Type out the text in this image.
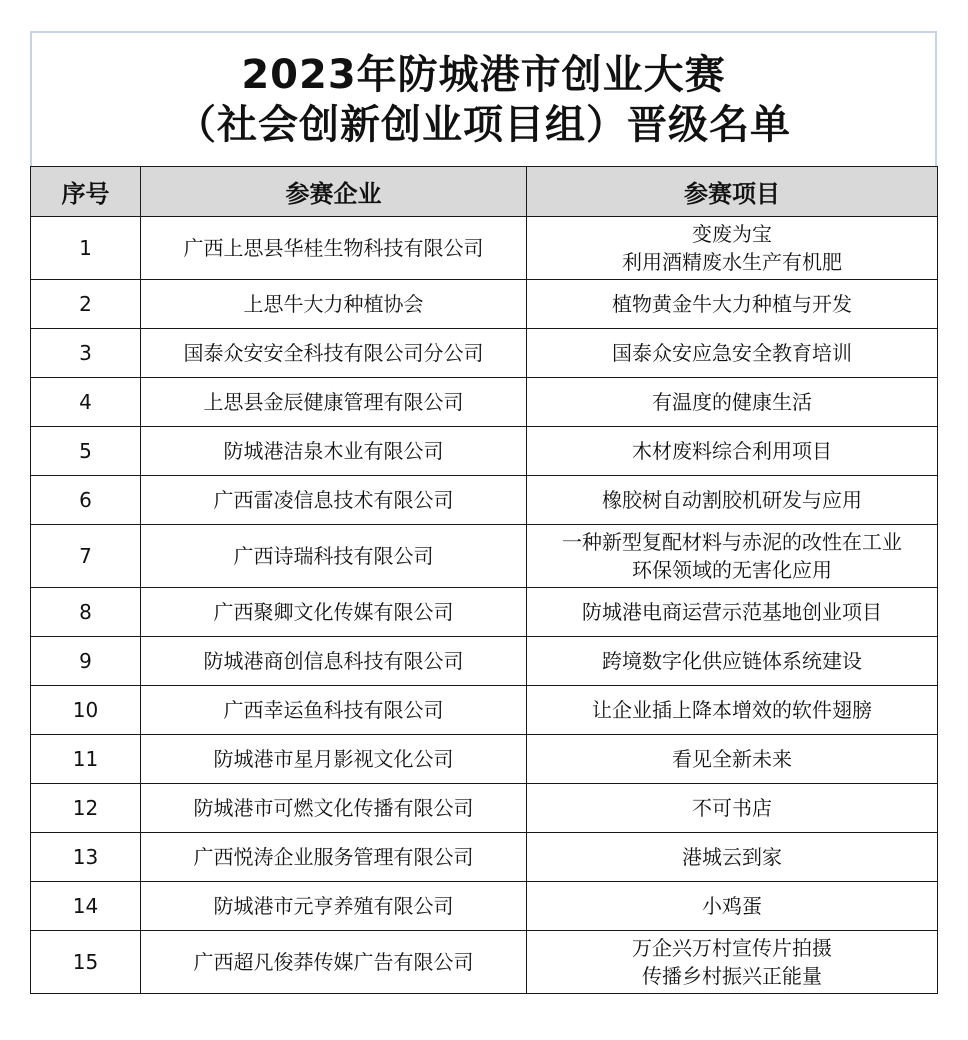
2023年防城港市创业大赛
（社会创新创业项目组）晋级名单
序号	参赛企业	参赛项目
1	广西上思县华桂生物科技有限公司	变废为宝
利用酒精废水生产有机肥

2	上思牛大力种植协会	植物黄金牛大力种植与开发

3	国泰众安安全科技有限公司分公司	国泰众安应急安全教育培训

4	上思县金辰健康管理有限公司	有温度的健康生活

5	防城港洁泉木业有限公司	木材废料综合利用项目

6	广西雷凌信息技术有限公司	橡胶树自动割胶机研发与应用

7	广西诗瑞科技有限公司	一种新型复配材料与赤泥的改性在工业
环保领域的无害化应用

8	广西聚卿文化传媒有限公司	防城港电商运营示范基地创业项目

9	防城港商创信息科技有限公司	跨境数字化供应链体系统建设

10	广西幸运鱼科技有限公司	让企业插上降本增效的软件翅膀

11	防城港市星月影视文化公司	看见全新未来

12	防城港市可燃文化传播有限公司	不可书店

13	广西悦涛企业服务管理有限公司	港城云到家

14	防城港市元亨养殖有限公司	小鸡蛋

15	广西超凡俊莽传媒广告有限公司	万企兴万村宣传片拍摄
传播乡村振兴正能量
